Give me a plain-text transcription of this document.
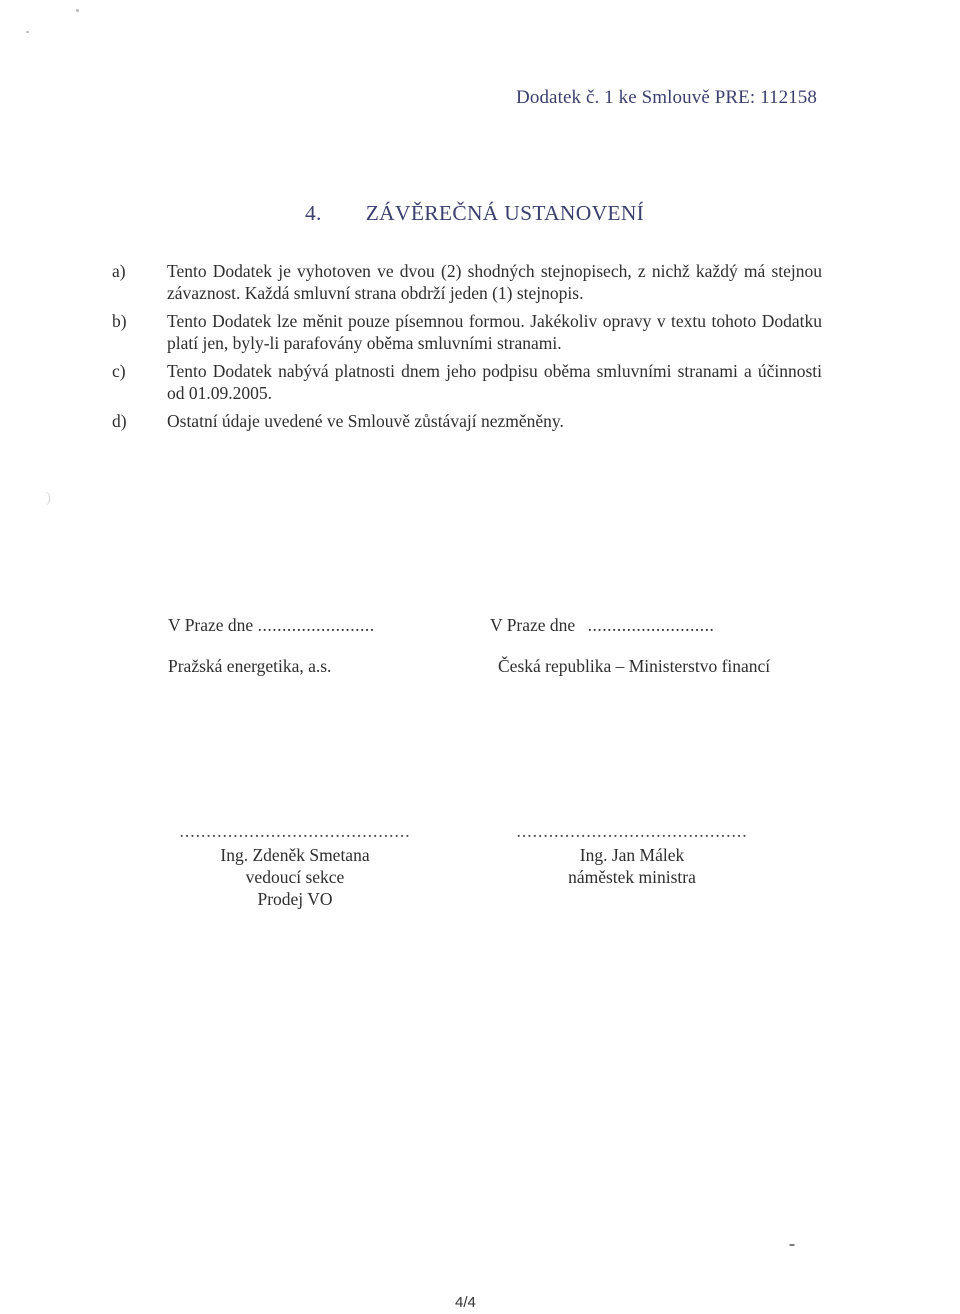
)
Dodatek č. 1 ke Smlouvě PRE: 112158
4. ZÁVĚREČNÁ USTANOVENÍ
a) Tento Dodatek je vyhotoven ve dvou (2) shodných stejnopisech, z nichž každý má stejnou závaznost. Každá smluvní strana obdrží jeden (1) stejnopis.
b) Tento Dodatek lze měnit pouze písemnou formou. Jakékoliv opravy v textu tohoto Dodatku platí jen, byly-li parafovány oběma smluvními stranami.
c) Tento Dodatek nabývá platnosti dnem jeho podpisu oběma smluvními stranami a účinnosti od 01.09.2005.
d) Ostatní údaje uvedené ve Smlouvě zůstávají nezměněny.
V Praze dne ........................	V Praze dne ..........................
Pražská energetika, a.s.	Česká republika – Ministerstvo financí
...........................................
Ing. Zdeněk Smetana
vedoucí sekce
Prodej VO
...........................................
Ing. Jan Málek
náměstek ministra
4/4
